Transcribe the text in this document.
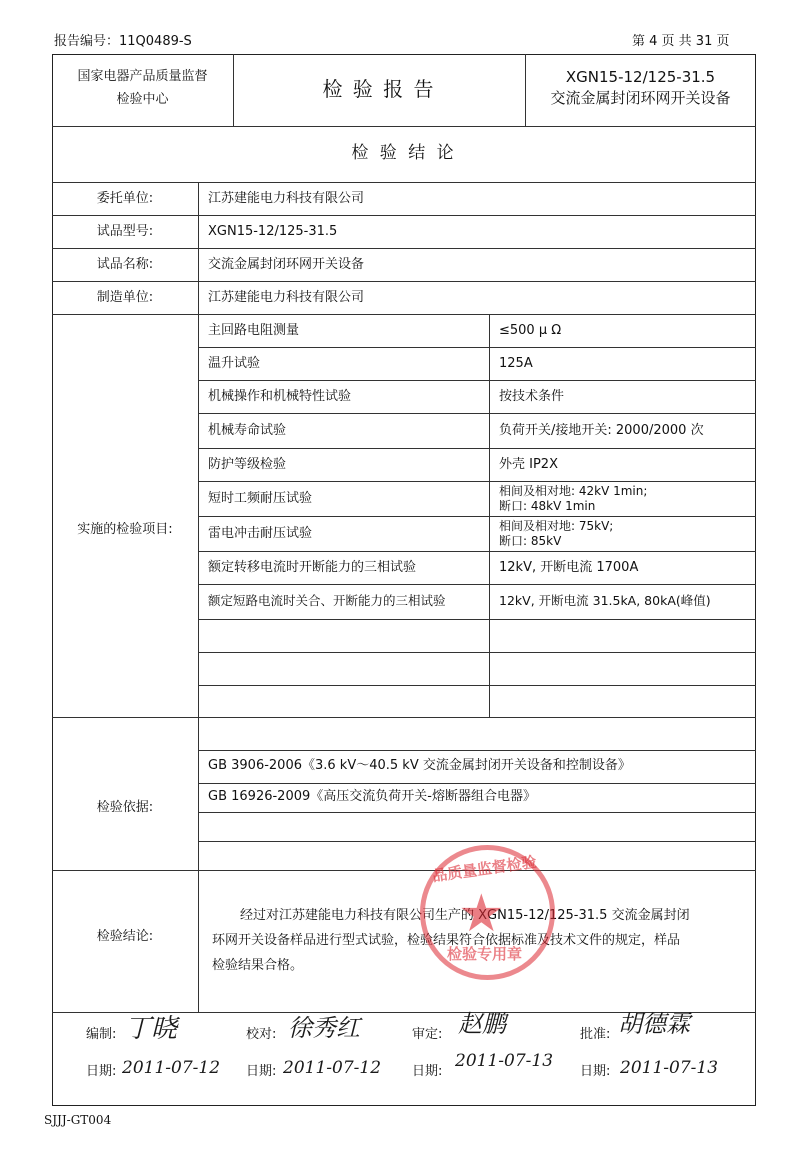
报告编号：11Q0489-S	第 4 页 共 31 页
国家电器产品质量监督
检验中心	检 验 报 告	XGN15-12/125-31.5
交流金属封闭环网开关设备
检 验 结 论
委托单位:	江苏建能电力科技有限公司
试品型号:	XGN15-12/125-31.5
试品名称:	交流金属封闭环网开关设备
制造单位:	江苏建能电力科技有限公司
实施的检验项目:
主回路电阻测量	≤500 μ Ω
温升试验	125A
机械操作和机械特性试验	按技术条件
机械寿命试验	负荷开关/接地开关: 2000/2000 次
防护等级检验	外壳 IP2X
短时工频耐压试验	相间及相对地: 42kV 1min;
断口: 48kV 1min
雷电冲击耐压试验	相间及相对地: 75kV;
断口: 85kV
额定转移电流时开断能力的三相试验	12kV, 开断电流 1700A
额定短路电流时关合、开断能力的三相试验	12kV, 开断电流 31.5kA, 80kA(峰值)
检验依据:
GB 3906-2006《3.6 kV～40.5 kV 交流金属封闭开关设备和控制设备》
GB 16926-2009《高压交流负荷开关-熔断器组合电器》
检验结论:
经过对江苏建能电力科技有限公司生产的 XGN15-12/125-31.5 交流金属封闭
环网开关设备样品进行型式试验，检验结果符合依据标准及技术文件的规定，样品
检验结果合格。
★
品质量监督检验
检验专用章
编制: 丁晓
日期: 2011-07-12
校对: 徐秀红
日期: 2011-07-12
审定: 赵鹏
日期:
2011-07-13
批准: 胡德霖
日期: 2011-07-13
SJJJ-GT004
